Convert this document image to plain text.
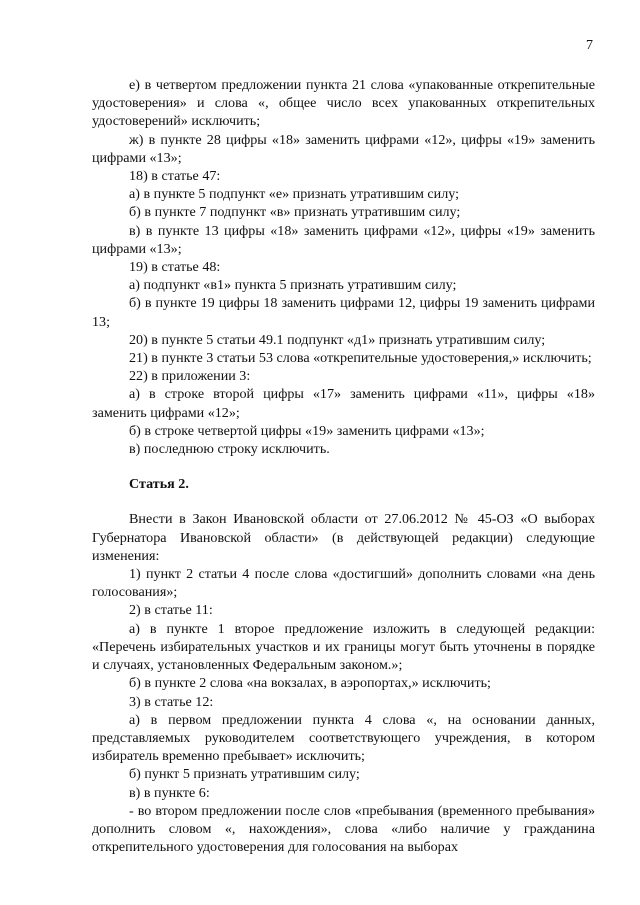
7

е) в четвертом предложении пункта 21 слова «упакованные открепительные удостоверения» и слова «, общее число всех упакованных открепительных удостоверений» исключить;

ж) в пункте 28 цифры «18» заменить цифрами «12», цифры «19» заменить цифрами «13»;

18) в статье 47:

а) в пункте 5 подпункт «е» признать утратившим силу;

б) в пункте 7 подпункт «в» признать утратившим силу;

в) в пункте 13 цифры «18» заменить цифрами «12», цифры «19» заменить цифрами «13»;

19) в статье 48:

а) подпункт «в1» пункта 5 признать утратившим силу;

б) в пункте 19 цифры 18 заменить цифрами 12, цифры 19 заменить цифрами 13;

20) в пункте 5 статьи 49.1 подпункт «д1» признать утратившим силу;

21) в пункте 3 статьи 53 слова «открепительные удостоверения,» исключить;

22) в приложении 3:

а) в строке второй цифры «17» заменить цифрами «11», цифры «18» заменить цифрами «12»;

б) в строке четвертой цифры «19» заменить цифрами «13»;

в) последнюю строку исключить.

Статья 2.

Внести в Закон Ивановской области от 27.06.2012 № 45-ОЗ «О выборах Губернатора Ивановской области» (в действующей редакции) следующие изменения:

1) пункт 2 статьи 4 после слова «достигший» дополнить словами «на день голосования»;

2) в статье 11:

а) в пункте 1 второе предложение изложить в следующей редакции: «Перечень избирательных участков и их границы могут быть уточнены в порядке и случаях, установленных Федеральным законом.»;

б) в пункте 2 слова «на вокзалах, в аэропортах,» исключить;

3) в статье 12:

а) в первом предложении пункта 4 слова «, на основании данных, представляемых руководителем соответствующего учреждения, в котором избиратель временно пребывает» исключить;

б) пункт 5 признать утратившим силу;

в) в пункте 6:

- во втором предложении после слов «пребывания (временного пребывания» дополнить словом «, нахождения», слова «либо наличие у гражданина открепительного удостоверения для голосования на выборах
